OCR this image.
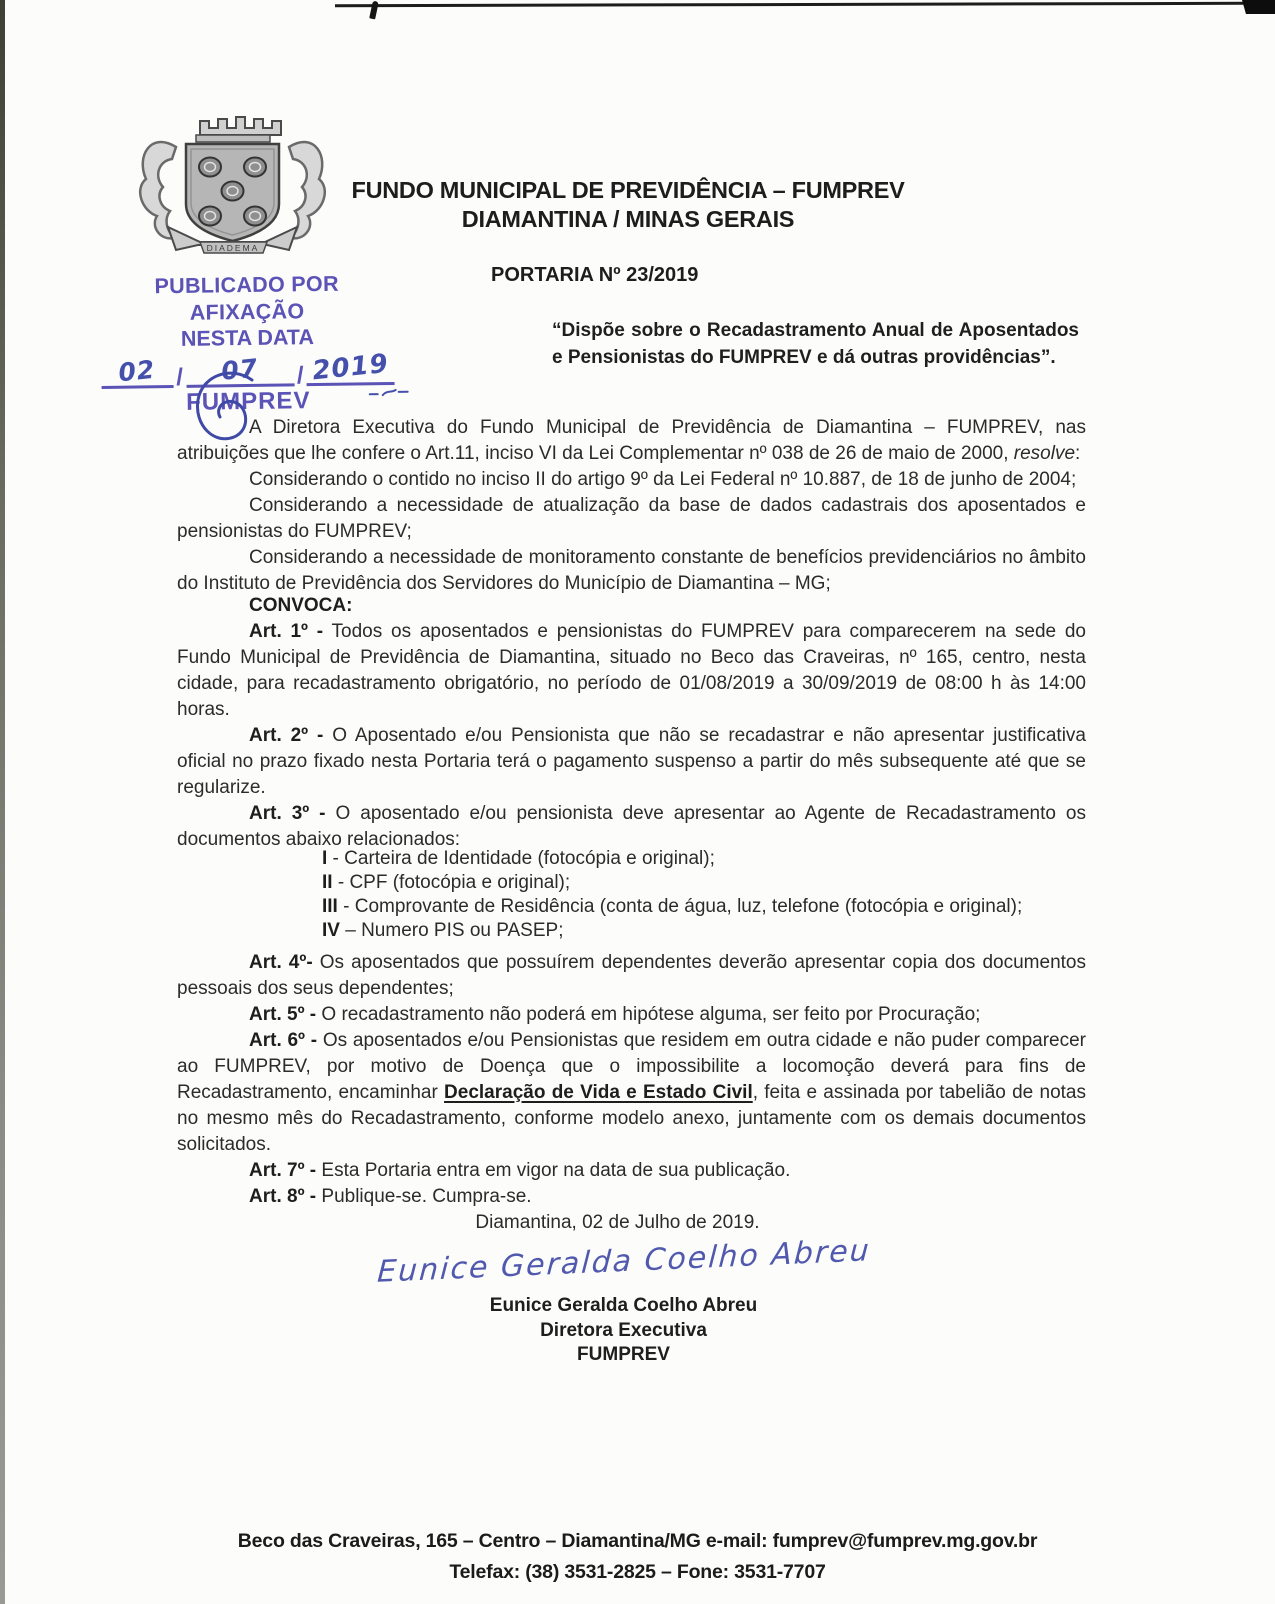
DIADEMA
FUNDO MUNICIPAL DE PREVIDÊNCIA – FUMPREV
DIAMANTINA / MINAS GERAIS
PORTARIA Nº 23/2019
PUBLICADO POR AFIXAÇÃO
NESTA DATA
02 /	07	/ 2019
FUMPREV
“Dispõe sobre o Recadastramento Anual de Aposentados e Pensionistas do FUMPREV e dá outras providências”.

A Diretora Executiva do Fundo Municipal de Previdência de Diamantina – FUMPREV, nas atribuições que lhe confere o Art.11, inciso VI da Lei Complementar nº 038 de 26 de maio de 2000, resolve:

Considerando o contido no inciso II do artigo 9º da Lei Federal nº 10.887, de 18 de junho de 2004;

Considerando a necessidade de atualização da base de dados cadastrais dos aposentados e pensionistas do FUMPREV;

Considerando a necessidade de monitoramento constante de benefícios previdenciários no âmbito do Instituto de Previdência dos Servidores do Município de Diamantina – MG;

CONVOCA:

Art. 1º - Todos os aposentados e pensionistas do FUMPREV para comparecerem na sede do Fundo Municipal de Previdência de Diamantina, situado no Beco das Craveiras, nº 165, centro, nesta cidade, para recadastramento obrigatório, no período de 01/08/2019 a 30/09/2019 de 08:00 h às 14:00 horas.

Art. 2º - O Aposentado e/ou Pensionista que não se recadastrar e não apresentar justificativa oficial no prazo fixado nesta Portaria terá o pagamento suspenso a partir do mês subsequente até que se regularize.

Art. 3º - O aposentado e/ou pensionista deve apresentar ao Agente de Recadastramento os documentos abaixo relacionados:

I - Carteira de Identidade (fotocópia e original);
II - CPF (fotocópia e original);
III - Comprovante de Residência (conta de água, luz, telefone (fotocópia e original);
IV – Numero PIS ou PASEP;

Art. 4º- Os aposentados que possuírem dependentes deverão apresentar copia dos documentos pessoais dos seus dependentes;

Art. 5º - O recadastramento não poderá em hipótese alguma, ser feito por Procuração;

Art. 6º - Os aposentados e/ou Pensionistas que residem em outra cidade e não puder comparecer ao FUMPREV, por motivo de Doença que o impossibilite a locomoção deverá para fins de Recadastramento, encaminhar Declaração de Vida e Estado Civil, feita e assinada por tabelião de notas no mesmo mês do Recadastramento, conforme modelo anexo, juntamente com os demais documentos solicitados.

Art. 7º - Esta Portaria entra em vigor na data de sua publicação.

Art. 8º - Publique-se. Cumpra-se.

Diamantina, 02 de Julho de 2019.

Eunice Geralda Coelho Abreu
Eunice Geralda Coelho Abreu
Diretora Executiva
FUMPREV
Beco das Craveiras, 165 – Centro – Diamantina/MG e-mail: fumprev@fumprev.mg.gov.br
Telefax: (38) 3531-2825 – Fone: 3531-7707
